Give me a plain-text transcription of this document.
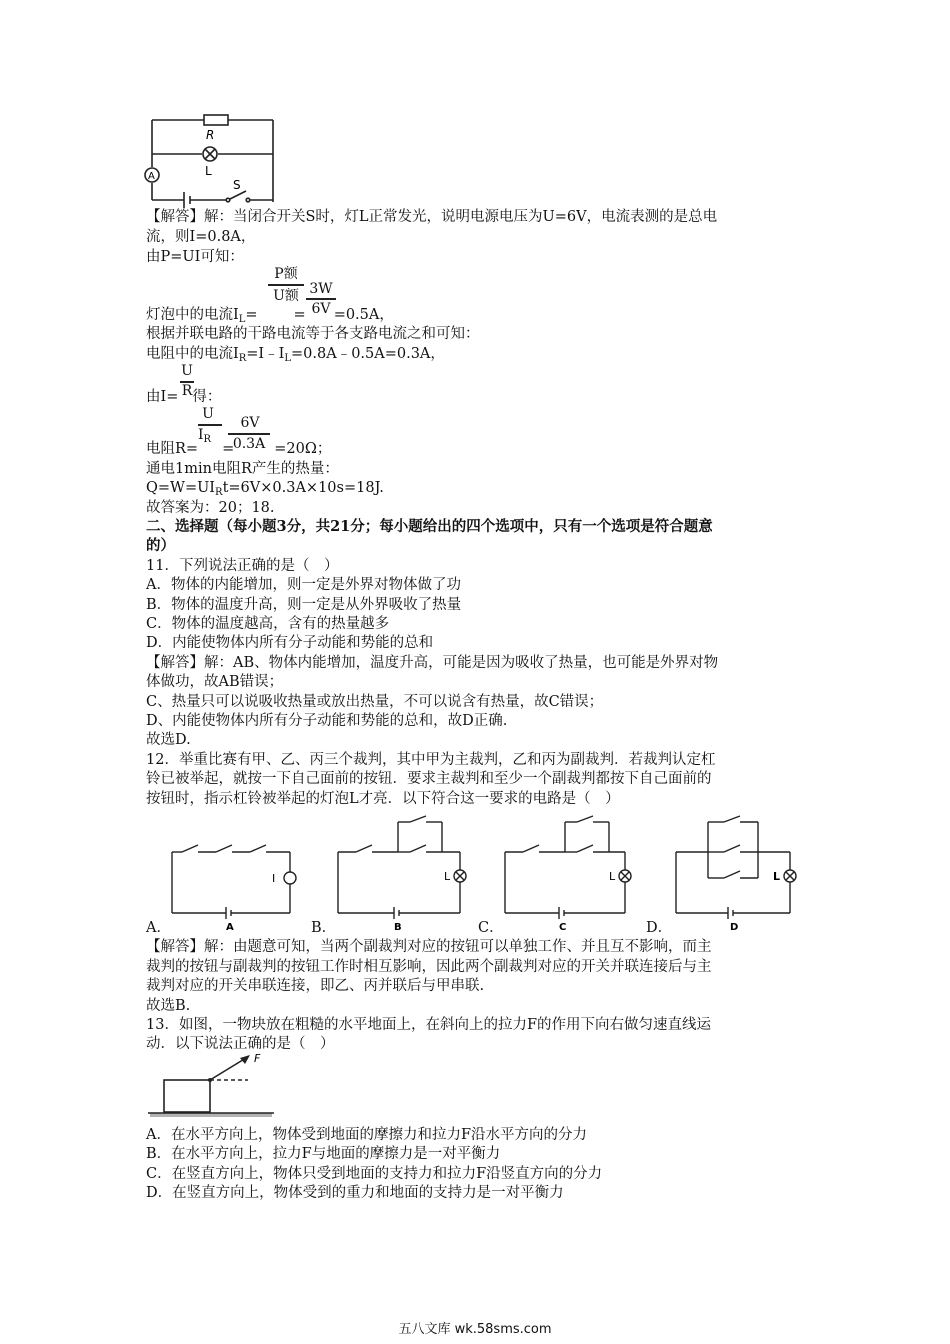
R
L
A
S
【解答】解：当闭合开关S时，灯L正常发光，说明电源电压为U=6V，电流表测的是总电
流，则I=0.8A，
由P=UI可知：
P额
U额 3W
6V
灯泡中的电流$I_L= = =0.5A$，
根据并联电路的干路电流等于各支路电流之和可知：
电阻中的电流$I_R=I﹣I_L=0.8A﹣0.5A=0.3A$，
U
R
由I= 得：
U
$I_R$
6V
0.3A
电阻R= =	=20Ω；
通电1min电阻R产生的热量：
$Q=W=UI_Rt=6V\times 0.3A\times 10s=18J$.
故答案为：20；18.
二、选择题（每小题3分，共21分；每小题给出的四个选项中，只有一个选项是符合题意
的）
11．下列说法正确的是（　）
A．物体的内能增加，则一定是外界对物体做了功
B．物体的温度升高，则一定是从外界吸收了热量
C．物体的温度越高，含有的热量越多
D．内能使物体内所有分子动能和势能的总和
【解答】解：AB、物体内能增加，温度升高，可能是因为吸收了热量，也可能是外界对物
体做功，故AB错误；
C、热量只可以说吸收热量或放出热量，不可以说含有热量，故C错误；
D、内能使物体内所有分子动能和势能的总和，故D正确.
故选D.
12．举重比赛有甲、乙、丙三个裁判，其中甲为主裁判，乙和丙为副裁判．若裁判认定杠
铃已被举起，就按一下自己面前的按钮．要求主裁判和至少一个副裁判都按下自己面前的
按钮时，指示杠铃被举起的灯泡L才亮．以下符合这一要求的电路是（　）
I
A
L
B
L
C
L
D
A．	B．	C．	D．
【解答】解：由题意可知，当两个副裁判对应的按钮可以单独工作、并且互不影响，而主
裁判的按钮与副裁判的按钮工作时相互影响，因此两个副裁判对应的开关并联连接后与主
裁判对应的开关串联连接，即乙、丙并联后与甲串联.
故选B.
13．如图，一物块放在粗糙的水平地面上，在斜向上的拉力F的作用下向右做匀速直线运
动．以下说法正确的是（　）
F
A．在水平方向上，物体受到地面的摩擦力和拉力F沿水平方向的分力
B．在水平方向上，拉力F与地面的摩擦力是一对平衡力
C．在竖直方向上，物体只受到地面的支持力和拉力F沿竖直方向的分力
D．在竖直方向上，物体受到的重力和地面的支持力是一对平衡力
五八文库 wk.58sms.com
